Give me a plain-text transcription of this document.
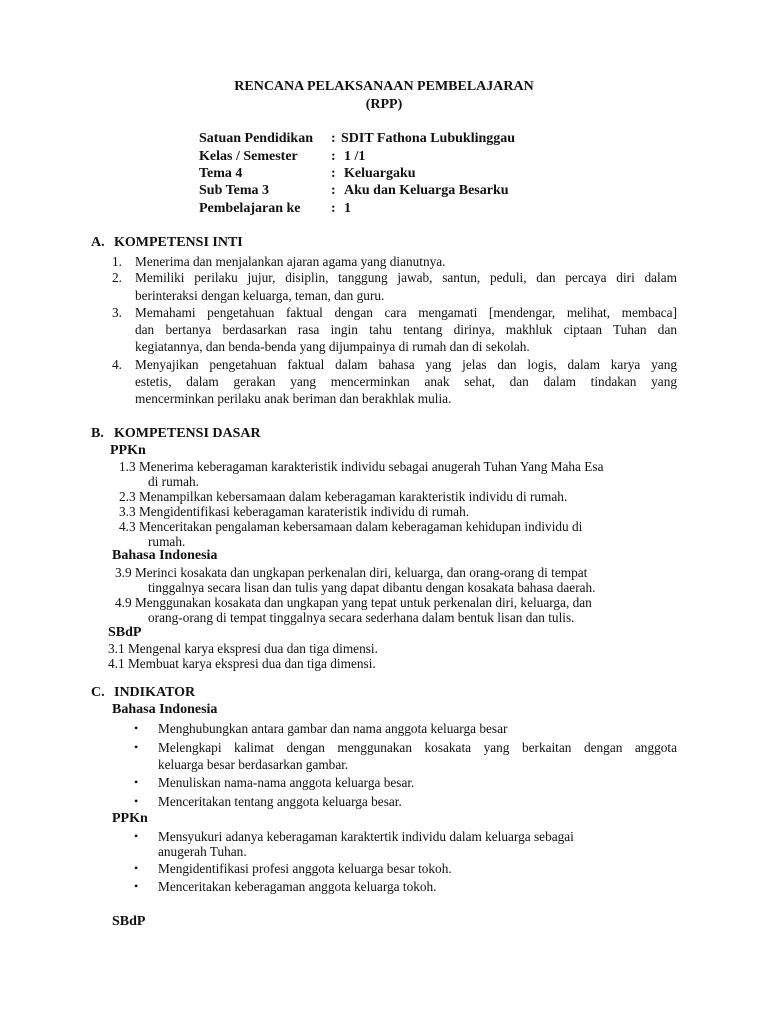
RENCANA PELAKSANAAN PEMBELAJARAN
(RPP)
Satuan Pendidikan : SDIT Fathona Lubuklinggau
Kelas / Semester : 1 /1
Tema 4	: Keluargaku
Sub Tema 3	: Aku dan Keluarga Besarku
Pembelajaran ke : 1
A. KOMPETENSI INTI
1. Menerima dan menjalankan ajaran agama yang dianutnya.
2. Memiliki perilaku jujur, disiplin, tanggung jawab, santun, peduli, dan percaya diri dalam
berinteraksi dengan keluarga, teman, dan guru.
3. Memahami pengetahuan faktual dengan cara mengamati [mendengar, melihat, membaca]
dan bertanya berdasarkan rasa ingin tahu tentang dirinya, makhluk ciptaan Tuhan dan
kegiatannya, dan benda-benda yang dijumpainya di rumah dan di sekolah.
4. Menyajikan pengetahuan faktual dalam bahasa yang jelas dan logis, dalam karya yang
estetis, dalam gerakan yang mencerminkan anak sehat, dan dalam tindakan yang
mencerminkan perilaku anak beriman dan berakhlak mulia.
B. KOMPETENSI DASAR
PPKn
1.3 Menerima keberagaman karakteristik individu sebagai anugerah Tuhan Yang Maha Esa
di rumah.
2.3 Menampilkan kebersamaan dalam keberagaman karakteristik individu di rumah.
3.3 Mengidentifikasi keberagaman karateristik individu di rumah.
4.3 Menceritakan pengalaman kebersamaan dalam keberagaman kehidupan individu di
rumah.
Bahasa Indonesia
3.9 Merinci kosakata dan ungkapan perkenalan diri, keluarga, dan orang-orang di tempat
tinggalnya secara lisan dan tulis yang dapat dibantu dengan kosakata bahasa daerah.
4.9 Menggunakan kosakata dan ungkapan yang tepat untuk perkenalan diri, keluarga, dan
orang-orang di tempat tinggalnya secara sederhana dalam bentuk lisan dan tulis.
SBdP
3.1 Mengenal karya ekspresi dua dan tiga dimensi.
4.1 Membuat karya ekspresi dua dan tiga dimensi.
C. INDIKATOR
Bahasa Indonesia
• Menghubungkan antara gambar dan nama anggota keluarga besar
• Melengkapi kalimat dengan menggunakan kosakata yang berkaitan dengan anggota
keluarga besar berdasarkan gambar.
• Menuliskan nama-nama anggota keluarga besar.
• Menceritakan tentang anggota keluarga besar.
PPKn
• Mensyukuri adanya keberagaman karaktertik individu dalam keluarga sebagai
anugerah Tuhan.
• Mengidentifikasi profesi anggota keluarga besar tokoh.
• Menceritakan keberagaman anggota keluarga tokoh.
SBdP
